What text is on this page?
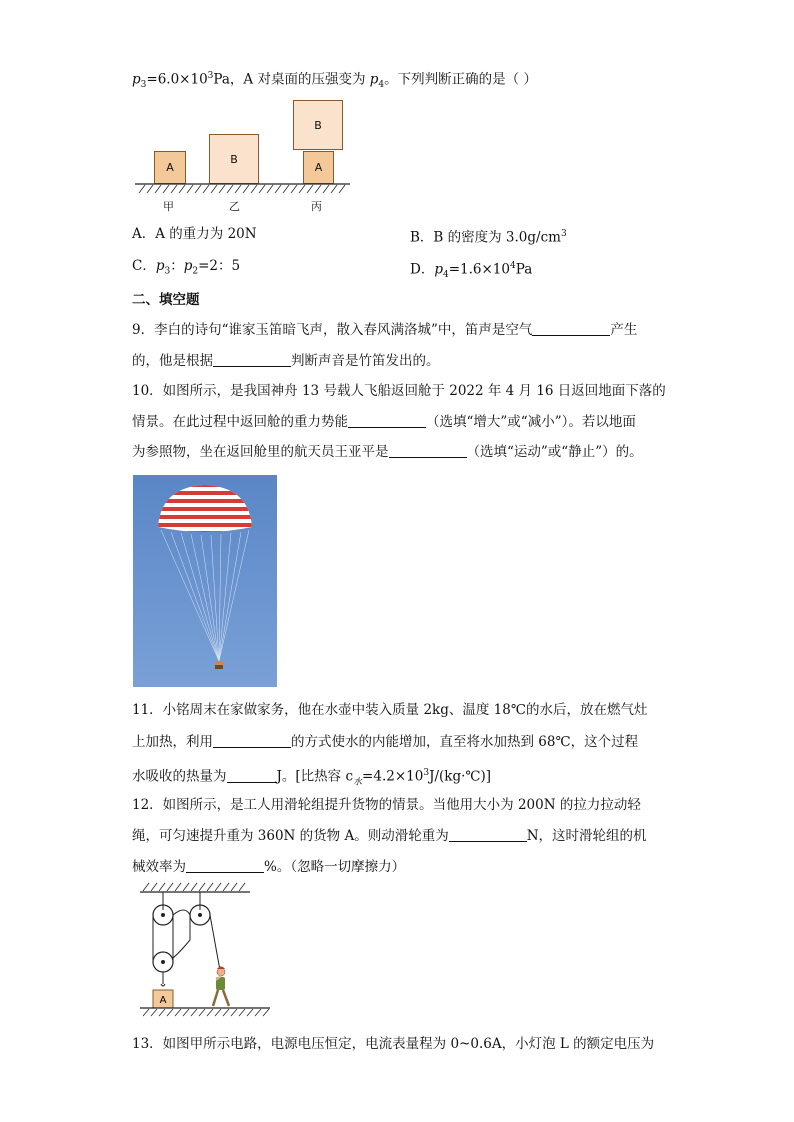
$p_3=6.0\times 10^3Pa$，A 对桌面的压强变为 $p_4$。下列判断正确的是（ ）
A
B
B
A
甲	乙	丙
A．A 的重力为 20N	B．B 的密度为 $3.0g/cm^3$
C．$p_3$：$p_2=2$：5	D．$p_4=1.6\times 10^4Pa$
二、填空题
9．李白的诗句“谁家玉笛暗飞声，散入春风满洛城”中，笛声是空气	产生
的，他是根据	判断声音是竹笛发出的。
10．如图所示，是我国神舟 13 号载人飞船返回舱于 2022 年 4 月 16 日返回地面下落的
情景。在此过程中返回舱的重力势能	（选填“增大”或“减小”）。若以地面
为参照物，坐在返回舱里的航天员王亚平是	（选填“运动”或“静止”）的。
11．小铭周末在家做家务，他在水壶中装入质量 2kg、温度 18℃的水后，放在燃气灶
上加热，利用	的方式使水的内能增加，直至将水加热到 68℃，这个过程
水吸收的热量为	J。[比热容 $c_水=4.2\times 10^3J/(kg\cdot℃)$]
12．如图所示，是工人用滑轮组提升货物的情景。当他用大小为 200N 的拉力拉动轻
绳，可匀速提升重为 360N 的货物 A。则动滑轮重为	N，这时滑轮组的机
械效率为	%。（忽略一切摩擦力）
A
13．如图甲所示电路，电源电压恒定，电流表量程为 0~0.6A，小灯泡 L 的额定电压为
